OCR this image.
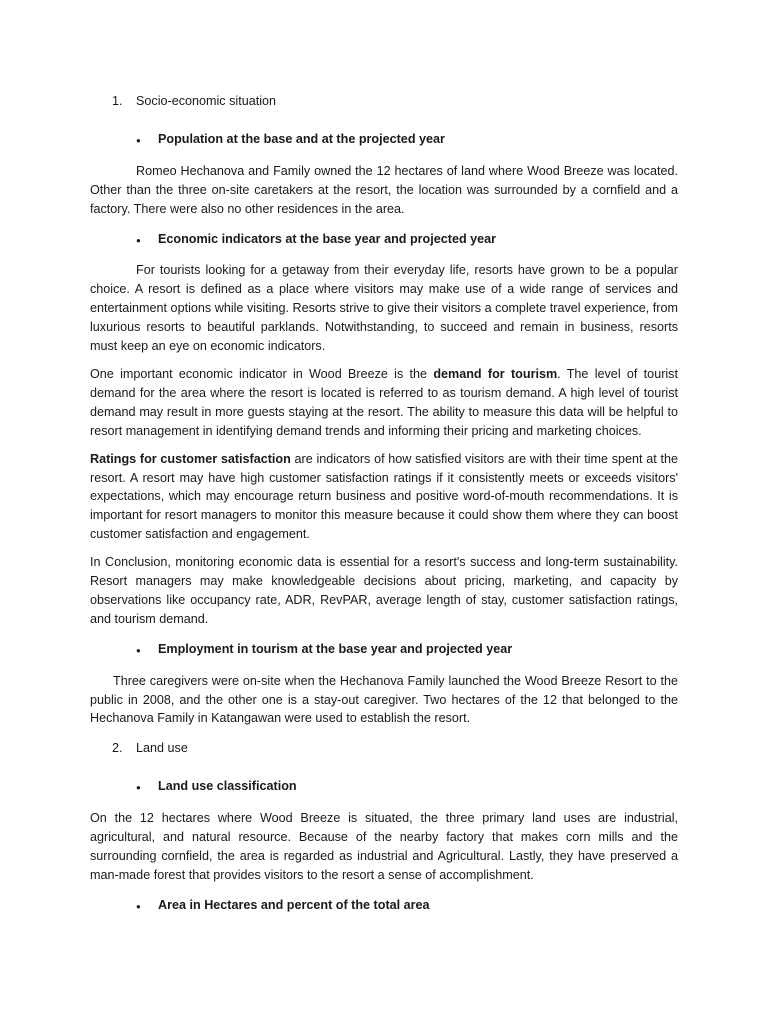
1.	Socio-economic situation
●	Population at the base and at the projected year

Romeo Hechanova and Family owned the 12 hectares of land where Wood Breeze was located. Other than the three on-site caretakers at the resort, the location was surrounded by a cornfield and a factory. There were also no other residences in the area.

●	Economic indicators at the base year and projected year

For tourists looking for a getaway from their everyday life, resorts have grown to be a popular choice. A resort is defined as a place where visitors may make use of a wide range of services and entertainment options while visiting. Resorts strive to give their visitors a complete travel experience, from luxurious resorts to beautiful parklands. Notwithstanding, to succeed and remain in business, resorts must keep an eye on economic indicators.

One important economic indicator in Wood Breeze is the demand for tourism. The level of tourist demand for the area where the resort is located is referred to as tourism demand. A high level of tourist demand may result in more guests staying at the resort. The ability to measure this data will be helpful to resort management in identifying demand trends and informing their pricing and marketing choices.

Ratings for customer satisfaction are indicators of how satisfied visitors are with their time spent at the resort. A resort may have high customer satisfaction ratings if it consistently meets or exceeds visitors' expectations, which may encourage return business and positive word-of-mouth recommendations. It is important for resort managers to monitor this measure because it could show them where they can boost customer satisfaction and engagement.

In Conclusion, monitoring economic data is essential for a resort's success and long-term sustainability. Resort managers may make knowledgeable decisions about pricing, marketing, and capacity by observations like occupancy rate, ADR, RevPAR, average length of stay, customer satisfaction ratings, and tourism demand.

●	Employment in tourism at the base year and projected year

Three caregivers were on-site when the Hechanova Family launched the Wood Breeze Resort to the public in 2008, and the other one is a stay-out caregiver. Two hectares of the 12 that belonged to the Hechanova Family in Katangawan were used to establish the resort.

2.	Land use
●	Land use classification

On the 12 hectares where Wood Breeze is situated, the three primary land uses are industrial, agricultural, and natural resource. Because of the nearby factory that makes corn mills and the surrounding cornfield, the area is regarded as industrial and Agricultural. Lastly, they have preserved a man-made forest that provides visitors to the resort a sense of accomplishment.

●	Area in Hectares and percent of the total area
